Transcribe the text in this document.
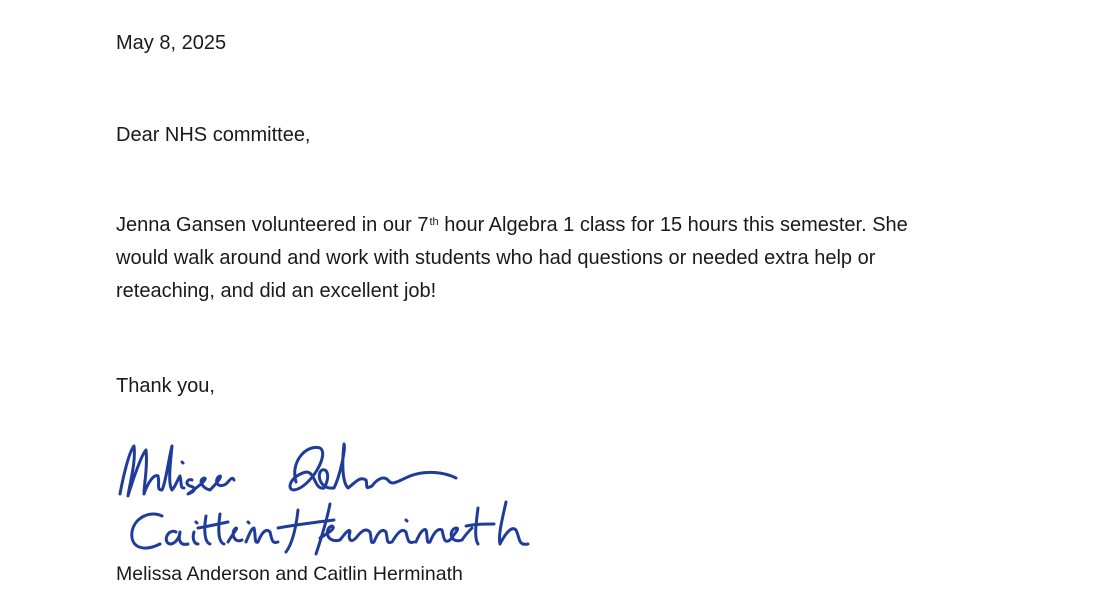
May 8, 2025
Dear NHS committee,
Jenna Gansen volunteered in our 7th hour Algebra 1 class for 15 hours this semester. She
would walk around and work with students who had questions or needed extra help or
reteaching, and did an excellent job!
Thank you,
Melissa Anderson and Caitlin Herminath
